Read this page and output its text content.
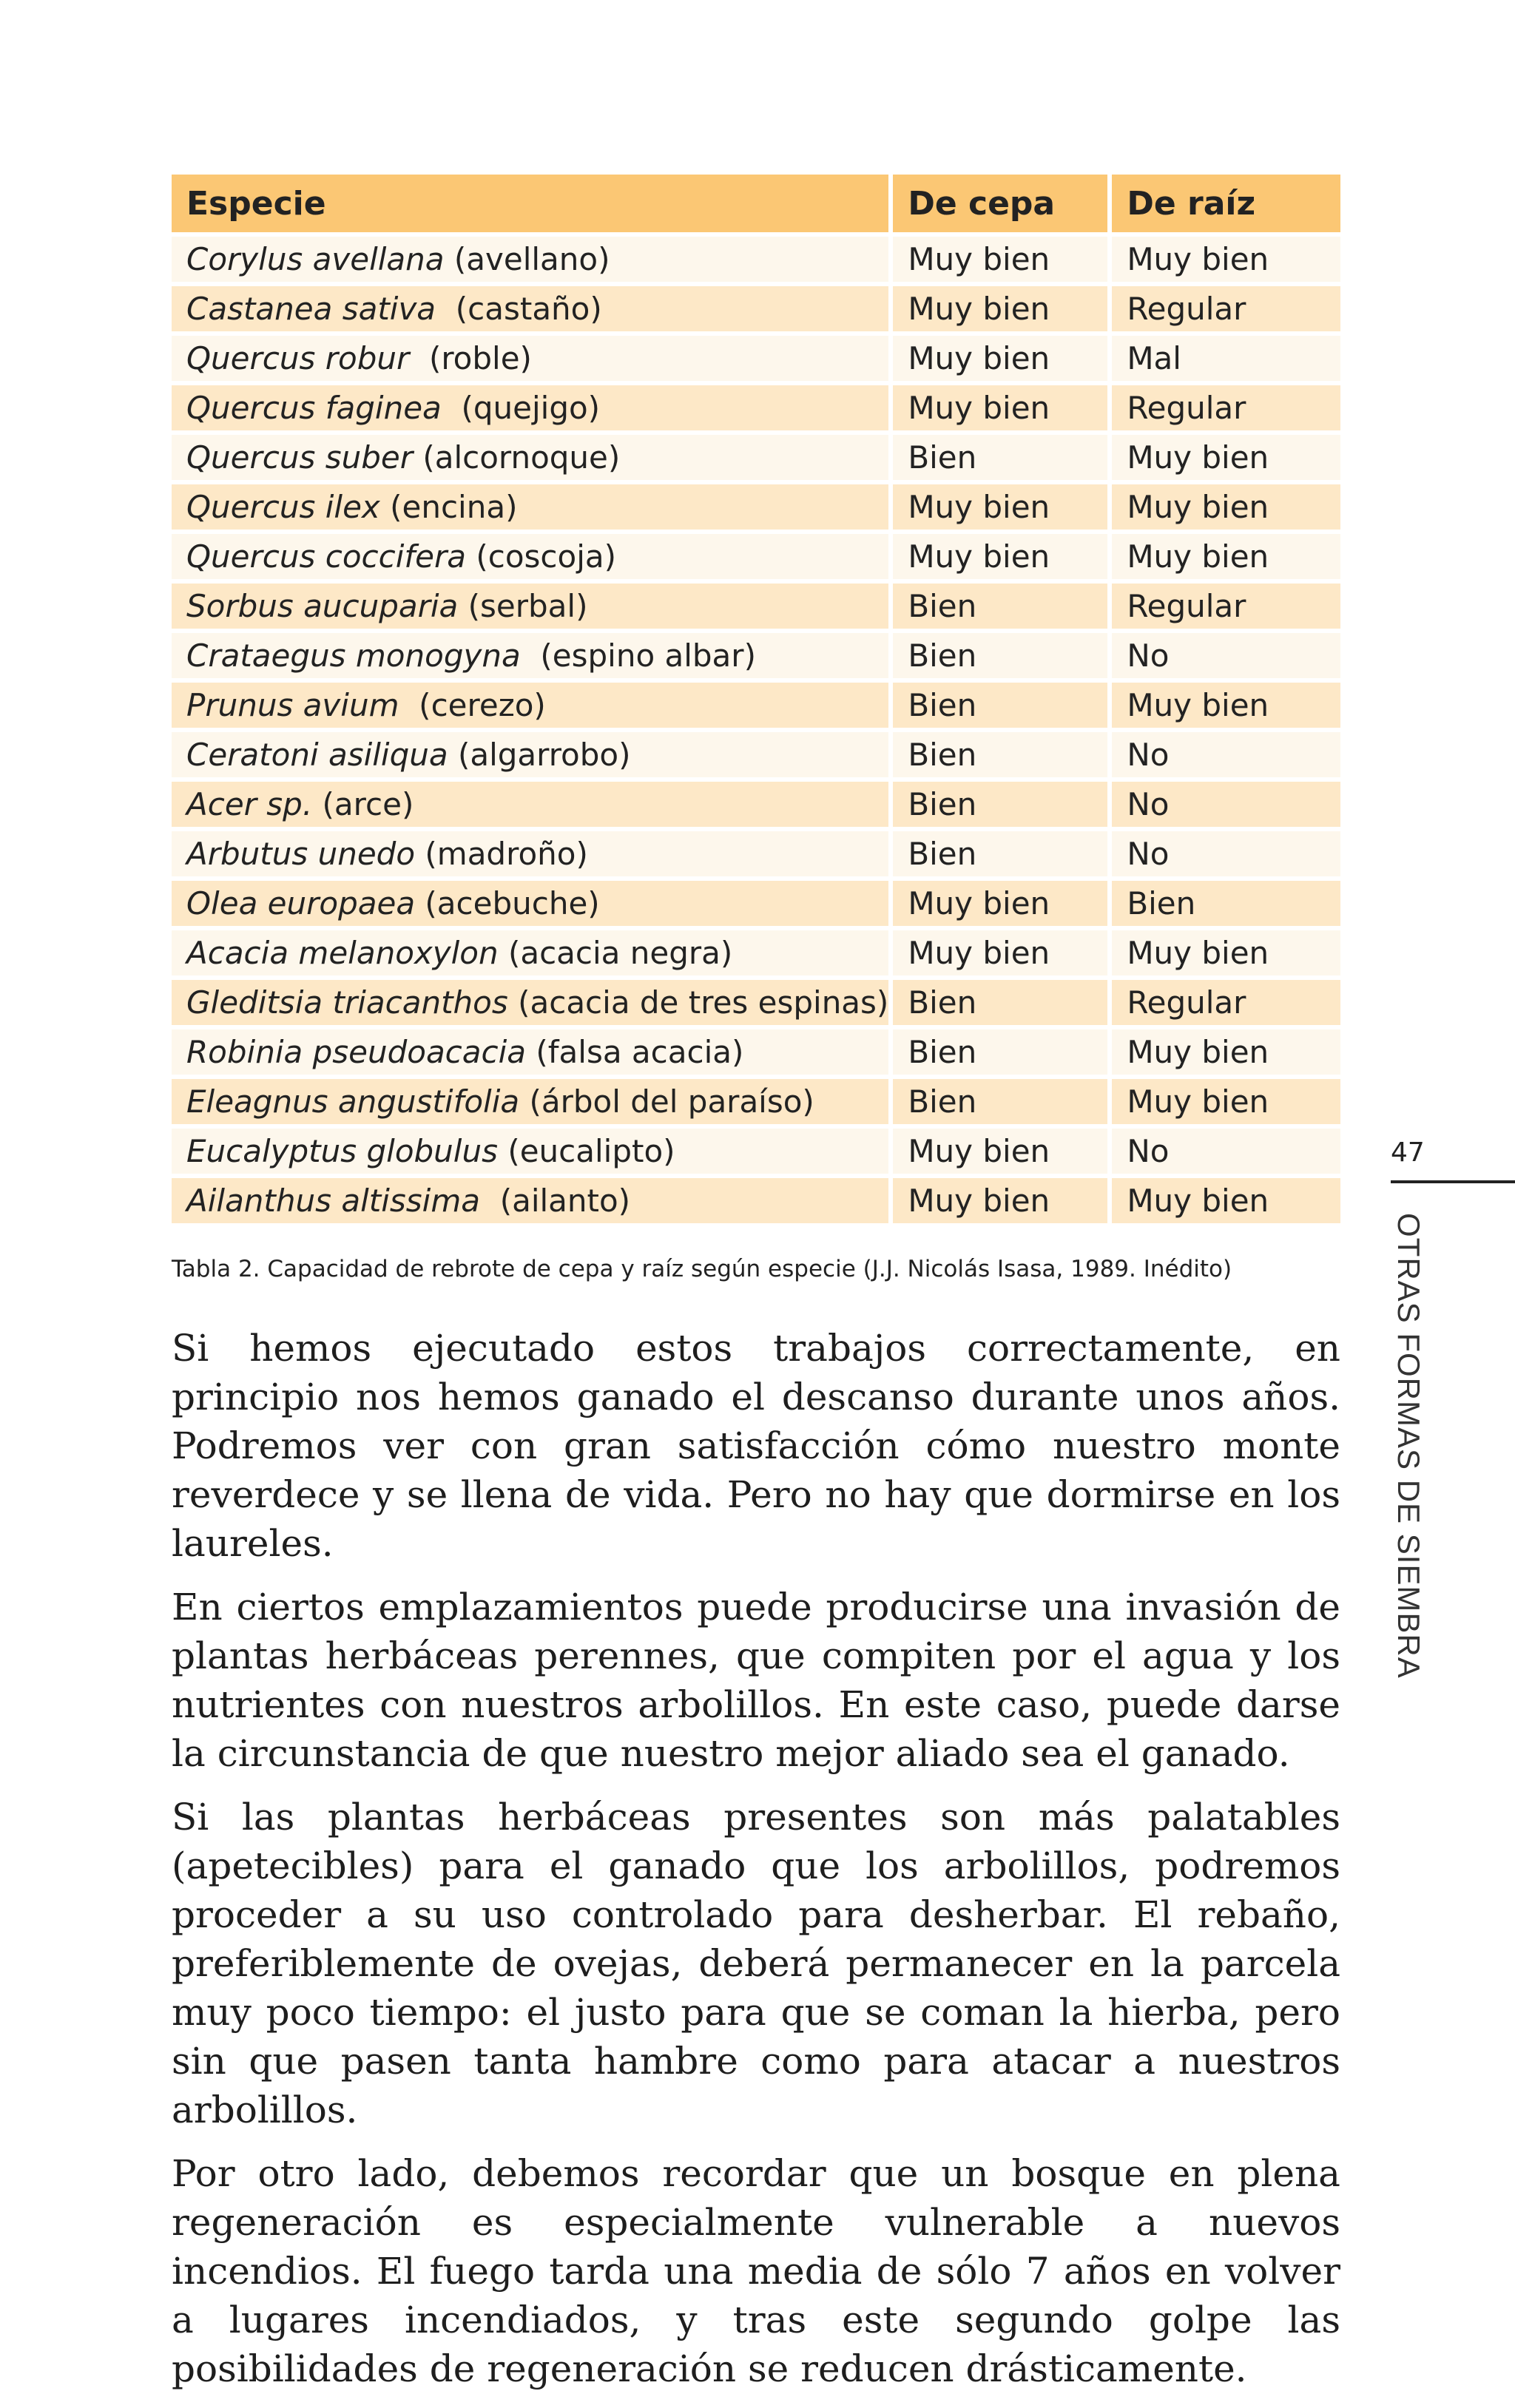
Especie	De cepa	De raíz
Corylus avellana (avellano)	Muy bien	Muy bien
Castanea sativa  (castaño)	Muy bien	Regular
Quercus robur  (roble)	Muy bien	Mal
Quercus faginea  (quejigo)	Muy bien	Regular
Quercus suber (alcornoque)	Bien	Muy bien
Quercus ilex (encina)	Muy bien	Muy bien
Quercus coccifera (coscoja)	Muy bien	Muy bien
Sorbus aucuparia (serbal)	Bien	Regular
Crataegus monogyna  (espino albar)	Bien	No
Prunus avium  (cerezo)	Bien	Muy bien
Ceratoni asiliqua (algarrobo)	Bien	No
Acer sp. (arce)	Bien	No
Arbutus unedo (madroño)	Bien	No
Olea europaea (acebuche)	Muy bien	Bien
Acacia melanoxylon (acacia negra)	Muy bien	Muy bien
Gleditsia triacanthos (acacia de tres espinas)	Bien	Regular
Robinia pseudoacacia (falsa acacia)	Bien	Muy bien
Eleagnus angustifolia (árbol del paraíso)	Bien	Muy bien
Eucalyptus globulus (eucalipto)	Muy bien	No
Ailanthus altissima  (ailanto)	Muy bien	Muy bien
Tabla 2. Capacidad de rebrote de cepa y raíz según especie (J.J. Nicolás Isasa, 1989. Inédito)

Si hemos ejecutado estos trabajos correctamente, en principio nos hemos ganado el descanso durante unos años. Podremos ver con gran satisfacción cómo nuestro monte reverdece y se llena de vida. Pero no hay que dormirse en los laureles.

En ciertos emplazamientos puede producirse una invasión de plantas herbáceas perennes, que compiten por el agua y los nutrientes con nuestros arbolillos. En este caso, puede darse la circunstancia de que nuestro mejor aliado sea el ganado.

Si las plantas herbáceas presentes son más palatables (apetecibles) para el ganado que los arbolillos, podremos proceder a su uso controlado para desherbar. El rebaño, preferiblemente de ovejas, deberá permanecer en la parcela muy poco tiempo: el justo para que se coman la hierba, pero sin que pasen tanta hambre como para atacar a nuestros arbolillos.

Por otro lado, debemos recordar que un bosque en plena regeneración es especialmente vulnerable a nuevos incendios. El fuego tarda una media de sólo 7 años en volver a lugares incendiados, y tras este segundo golpe las posibilidades de regeneración se reducen drásticamente.

47
OTRAS FORMAS DE SIEMBRA
